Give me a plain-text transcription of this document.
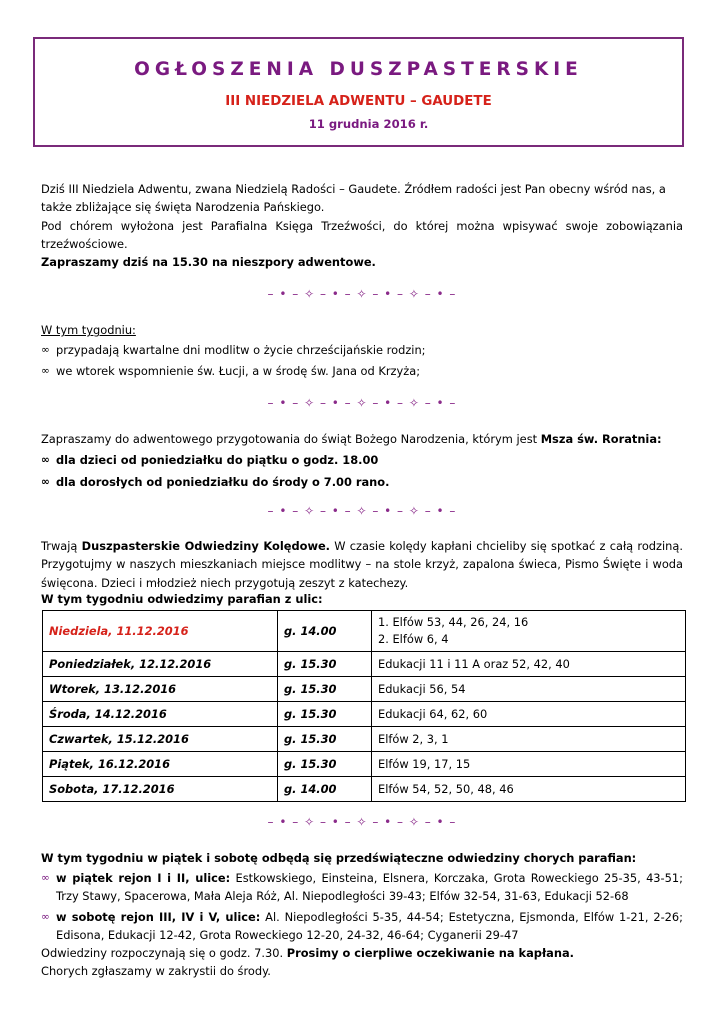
OGŁOSZENIA DUSZPASTERSKIE
III NIEDZIELA ADWENTU – GAUDETE
11 grudnia 2016 r.
Dziś III Niedziela Adwentu, zwana Niedzielą Radości – Gaudete. Źródłem radości jest Pan obecny wśród nas, a także zbliżające się święta Narodzenia Pańskiego.
Pod chórem wyłożona jest Parafialna Księga Trzeźwości, do której można wpisywać swoje zobowiązania trzeźwościowe.
Zapraszamy dziś na 15.30 na nieszpory adwentowe.
– • – ✧ – • – ✧ – • – ✧ – • –
W tym tygodniu:
∞ przypadają kwartalne dni modlitw o życie chrześcijańskie rodzin;
∞ we wtorek wspomnienie św. Łucji, a w środę św. Jana od Krzyża;
– • – ✧ – • – ✧ – • – ✧ – • –
Zapraszamy do adwentowego przygotowania do świąt Bożego Narodzenia, którym jest Msza św. Roratnia:
∞ dla dzieci od poniedziałku do piątku o godz. 18.00
∞ dla dorosłych od poniedziałku do środy o 7.00 rano.
– • – ✧ – • – ✧ – • – ✧ – • –
Trwają Duszpasterskie Odwiedziny Kolędowe. W czasie kolędy kapłani chcieliby się spotkać z całą rodziną. Przygotujmy w naszych mieszkaniach miejsce modlitwy – na stole krzyż, zapalona świeca, Pismo Święte i woda święcona. Dzieci i młodzież niech przygotują zeszyt z katechezy.
W tym tygodniu odwiedzimy parafian z ulic:
Niedziela, 11.12.2016	g. 14.00	1. Elfów 53, 44, 26, 24, 16
2. Elfów 6, 4

Poniedziałek, 12.12.2016	g. 15.30	Edukacji 11 i 11 A oraz 52, 42, 40

Wtorek, 13.12.2016	g. 15.30	Edukacji 56, 54

Środa, 14.12.2016	g. 15.30	Edukacji 64, 62, 60

Czwartek, 15.12.2016	g. 15.30	Elfów 2, 3, 1

Piątek, 16.12.2016	g. 15.30	Elfów 19, 17, 15

Sobota, 17.12.2016	g. 14.00	Elfów 54, 52, 50, 48, 46
– • – ✧ – • – ✧ – • – ✧ – • –
W tym tygodniu w piątek i sobotę odbędą się przedświąteczne odwiedziny chorych parafian:
∞ w piątek rejon I i II, ulice: Estkowskiego, Einsteina, Elsnera, Korczaka, Grota Roweckiego 25-35, 43-51; Trzy Stawy, Spacerowa, Mała Aleja Róż, Al. Niepodległości 39-43; Elfów 32-54, 31-63, Edukacji 52-68
∞ w sobotę rejon III, IV i V, ulice: Al. Niepodległości 5-35, 44-54; Estetyczna, Ejsmonda, Elfów 1-21, 2-26; Edisona, Edukacji 12-42, Grota Roweckiego 12-20, 24-32, 46-64; Cyganerii 29-47
Odwiedziny rozpoczynają się o godz. 7.30. Prosimy o cierpliwe oczekiwanie na kapłana.
Chorych zgłaszamy w zakrystii do środy.
